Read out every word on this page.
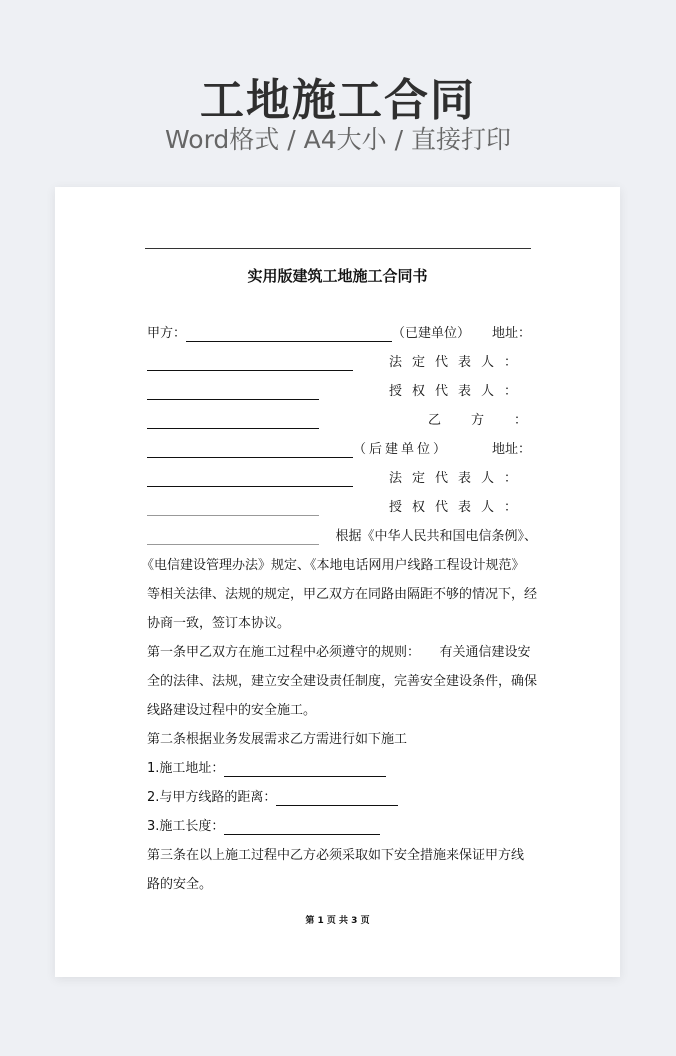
工地施工合同
Word格式 / A4大小 / 直接打印
实用版建筑工地施工合同书
甲方：	（已建单位） 地址：
法定代表人：
授权代表人：
乙方：
（后建单位）	地址：
法定代表人：
授权代表人：
根据《中华人民共和国电信条例》、
《电信建设管理办法》规定、《本地电话网用户线路工程设计规范》
等相关法律、法规的规定，甲乙双方在同路由隔距不够的情况下，经
协商一致，签订本协议。
第一条甲乙双方在施工过程中必须遵守的规则：　　有关通信建设安
全的法律、法规，建立安全建设责任制度，完善安全建设条件，确保
线路建设过程中的安全施工。
第二条根据业务发展需求乙方需进行如下施工
1.施工地址：
2.与甲方线路的距离：
3.施工长度：
第三条在以上施工过程中乙方必须采取如下安全措施来保证甲方线
路的安全。
第 1 页 共 3 页
